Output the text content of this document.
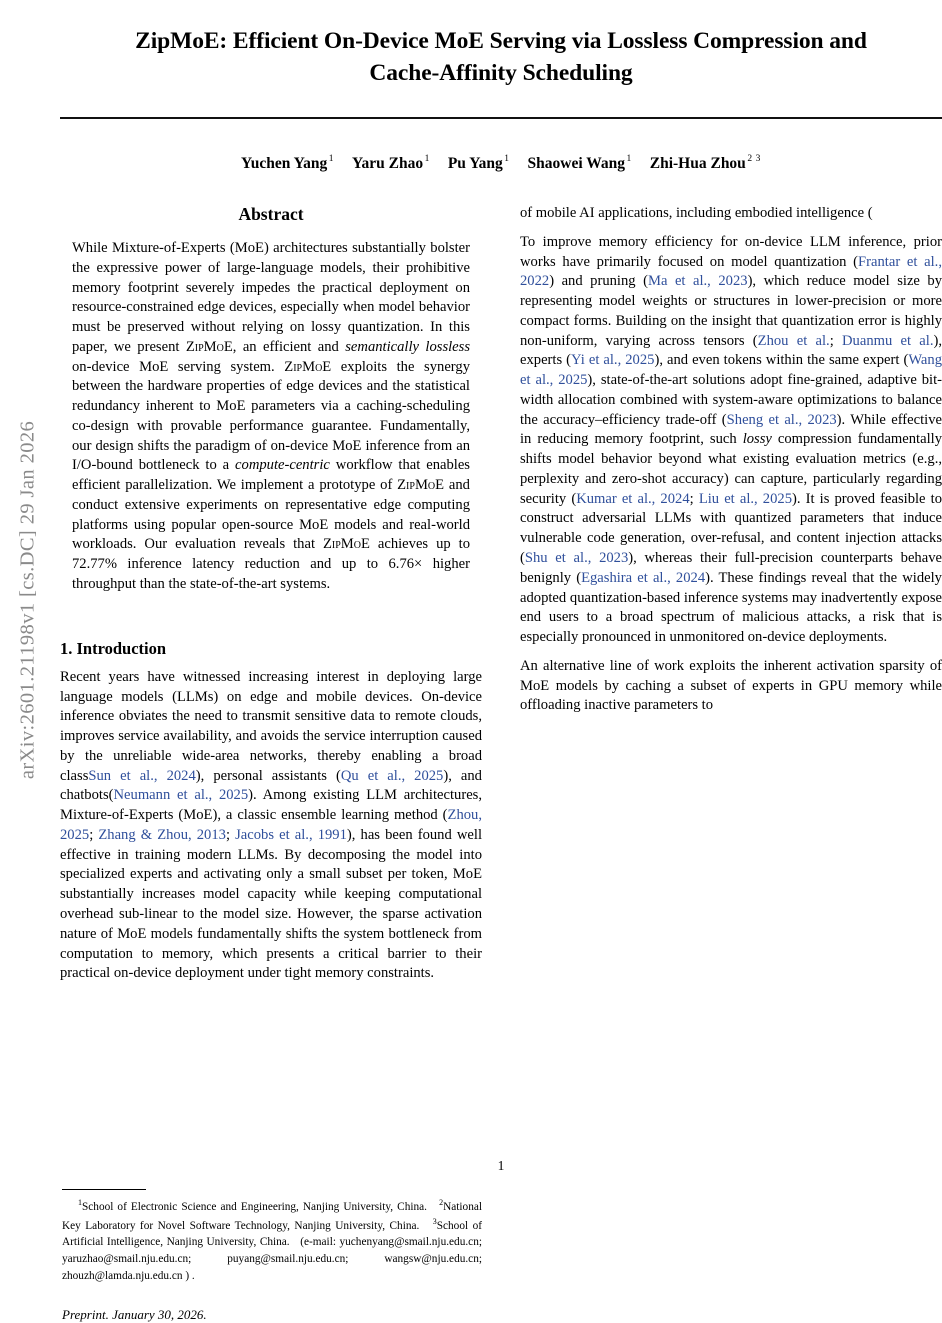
arXiv:2601.21198v1 [cs.DC] 29 Jan 2026
ZipMoE: Efficient On-Device MoE Serving via Lossless Compression and
Cache-Affinity Scheduling
Yuchen Yang $^1$ Yaru Zhao $^1$ Pu Yang $^1$ Shaowei Wang $^1$ Zhi-Hua Zhou $^{2 3}$
Abstract
While Mixture-of-Experts (MoE) architectures substantially bolster the expressive power of large-language models, their prohibitive memory footprint severely impedes the practical deployment on resource-constrained edge devices, especially when model behavior must be preserved without relying on lossy quantization. In this paper, we present ZipMoE, an efficient and semantically lossless on-device MoE serving system. ZipMoE exploits the synergy between the hardware properties of edge devices and the statistical redundancy inherent to MoE parameters via a caching-scheduling co-design with provable performance guarantee. Fundamentally, our design shifts the paradigm of on-device MoE inference from an I/O-bound bottleneck to a compute-centric workflow that enables efficient parallelization. We implement a prototype of ZipMoE and conduct extensive experiments on representative edge computing platforms using popular open-source MoE models and real-world workloads. Our evaluation reveals that ZipMoE achieves up to 72.77% inference latency reduction and up to 6.76× higher throughput than the state-of-the-art systems.
1. Introduction

Recent years have witnessed increasing interest in deploying large language models (LLMs) on edge and mobile devices. On-device inference obviates the need to transmit sensitive data to remote clouds, improves service availability, and avoids the service interruption caused by the unreliable wide-area networks, thereby enabling a broad classSun et al., 2024), personal assistants (Qu et al., 2025), and chatbots(Neumann et al., 2025). Among existing LLM architectures, Mixture-of-Experts (MoE), a classic ensemble learning method (Zhou, 2025; Zhang & Zhou, 2013; Jacobs et al., 1991), has been found well effective in training modern LLMs. By decomposing the model into specialized experts and activating only a small subset per token, MoE substantially increases model capacity while keeping computational overhead sub-linear to the model size. However, the sparse activation nature of MoE models fundamentally shifts the system bottleneck from computation to memory, which presents a critical barrier to their practical on-device deployment under tight memory constraints.

$^1$School of Electronic Science and Engineering, Nanjing University, China. $^2$National Key Laboratory for Novel Software Technology, Nanjing University, China. $^3$School of Artificial Intelligence, Nanjing University, China. (e-mail: yuchenyang@smail.nju.edu.cn; yaruzhao@smail.nju.edu.cn; puyang@smail.nju.edu.cn; wangsw@nju.edu.cn; zhouzh@lamda.nju.edu.cn ) .
Preprint. January 30, 2026.

of mobile AI applications, including embodied intelligence (

To improve memory efficiency for on-device LLM inference, prior works have primarily focused on model quantization (Frantar et al., 2022) and pruning (Ma et al., 2023), which reduce model size by representing model weights or structures in lower-precision or more compact forms. Building on the insight that quantization error is highly non-uniform, varying across tensors (Zhou et al.; Duanmu et al.), experts (Yi et al., 2025), and even tokens within the same expert (Wang et al., 2025), state-of-the-art solutions adopt fine-grained, adaptive bit-width allocation combined with system-aware optimizations to balance the accuracy–efficiency trade-off (Sheng et al., 2023). While effective in reducing memory footprint, such lossy compression fundamentally shifts model behavior beyond what existing evaluation metrics (e.g., perplexity and zero-shot accuracy) can capture, particularly regarding security (Kumar et al., 2024; Liu et al., 2025). It is proved feasible to construct adversarial LLMs with quantized parameters that induce vulnerable code generation, over-refusal, and content injection attacks (Shu et al., 2023), whereas their full-precision counterparts behave benignly (Egashira et al., 2024). These findings reveal that the widely adopted quantization-based inference systems may inadvertently expose end users to a broad spectrum of malicious attacks, a risk that is especially pronounced in unmonitored on-device deployments.

An alternative line of work exploits the inherent activation sparsity of MoE models by caching a subset of experts in GPU memory while offloading inactive parameters to

1
